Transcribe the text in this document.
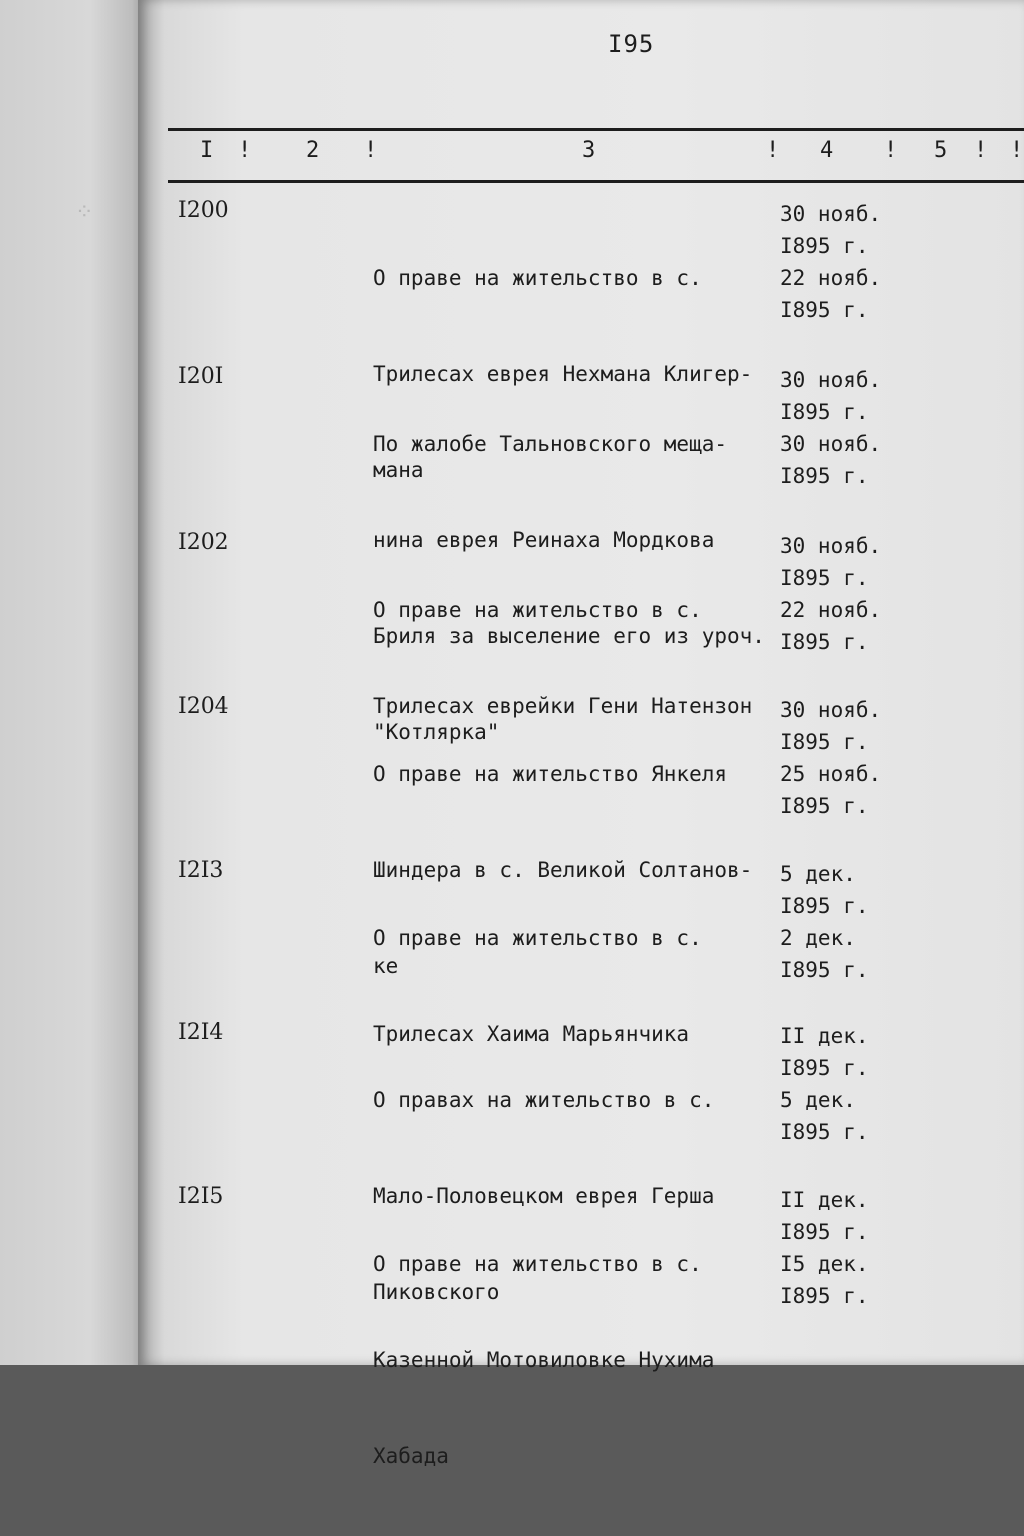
⁘
I95
I ! 2 !	3	! 4 ! 5 ! !
I200

О праве на жительство в с.

Трилесах еврея Нехмана Клигер-

мана

30 нояб.
I895 г.
22 нояб.
I895 г.
I20I

По жалобе Тальновского меща-

нина еврея Реинаха Мордкова

Бриля за выселение его из уроч.

"Котлярка"

30 нояб.
I895 г.
30 нояб.
I895 г.
I202

О праве на жительство в с.

Трилесах еврейки Гени Натензон

30 нояб.
I895 г.
22 нояб.
I895 г.
I204

О праве на жительство Янкеля

Шиндера в с. Великой Солтанов-

ке

30 нояб.
I895 г.
25 нояб.
I895 г.
I2I3

О праве на жительство в с.

Трилесах Хаима Марьянчика

5 дек.
I895 г.
2 дек.
I895 г.
I2I4

О правах на жительство в с.

Мало-Половецком еврея Герша

Пиковского

II дек.
I895 г.
5 дек.
I895 г.
I2I5

О праве на жительство в с.

Казенной Мотовиловке Нухима

Хабада

II дек.
I895 г.
I5 дек.
I895 г.
